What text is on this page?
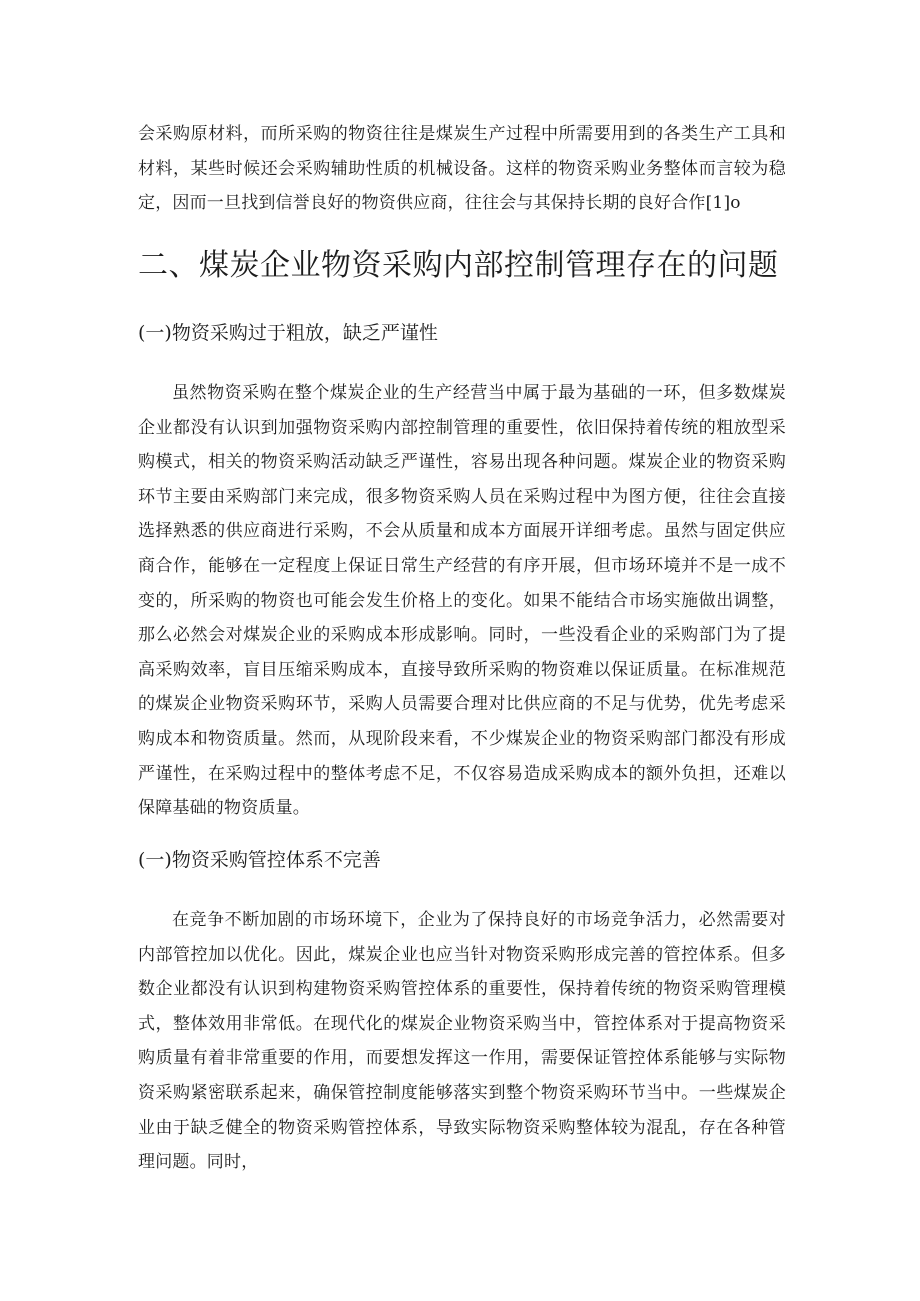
会采购原材料，而所采购的物资往往是煤炭生产过程中所需要用到的各类生产工具和材料，某些时候还会采购辅助性质的机械设备。这样的物资采购业务整体而言较为稳定，因而一旦找到信誉良好的物资供应商，往往会与其保持长期的良好合作[1]o

二、煤炭企业物资采购内部控制管理存在的问题
(一)物资采购过于粗放，缺乏严谨性

虽然物资采购在整个煤炭企业的生产经营当中属于最为基础的一环，但多数煤炭企业都没有认识到加强物资采购内部控制管理的重要性，依旧保持着传统的粗放型采购模式，相关的物资采购活动缺乏严谨性，容易出现各种问题。煤炭企业的物资采购环节主要由采购部门来完成，很多物资采购人员在采购过程中为图方便，往往会直接选择熟悉的供应商进行采购，不会从质量和成本方面展开详细考虑。虽然与固定供应商合作，能够在一定程度上保证日常生产经营的有序开展，但市场环境并不是一成不变的，所采购的物资也可能会发生价格上的变化。如果不能结合市场实施做出调整，那么必然会对煤炭企业的采购成本形成影响。同时，一些没看企业的采购部门为了提高采购效率，盲目压缩采购成本，直接导致所采购的物资难以保证质量。在标准规范的煤炭企业物资采购环节，采购人员需要合理对比供应商的不足与优势，优先考虑采购成本和物资质量。然而，从现阶段来看，不少煤炭企业的物资采购部门都没有形成严谨性，在采购过程中的整体考虑不足，不仅容易造成采购成本的额外负担，还难以保障基础的物资质量。

(一)物资采购管控体系不完善

在竞争不断加剧的市场环境下，企业为了保持良好的市场竞争活力，必然需要对内部管控加以优化。因此，煤炭企业也应当针对物资采购形成完善的管控体系。但多数企业都没有认识到构建物资采购管控体系的重要性，保持着传统的物资采购管理模式，整体效用非常低。在现代化的煤炭企业物资采购当中，管控体系对于提高物资采购质量有着非常重要的作用，而要想发挥这一作用，需要保证管控体系能够与实际物资采购紧密联系起来，确保管控制度能够落实到整个物资采购环节当中。一些煤炭企业由于缺乏健全的物资采购管控体系，导致实际物资采购整体较为混乱，存在各种管理问题。同时，
